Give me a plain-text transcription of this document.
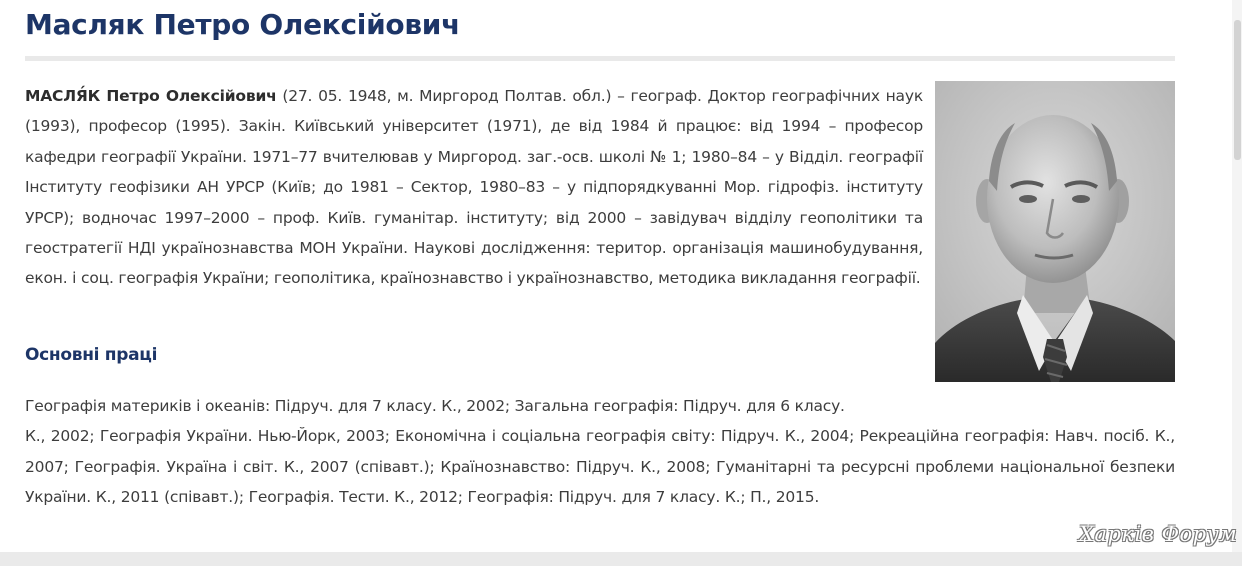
Масляк Петро Олексійович

МАСЛЯ́К Петро Олексійович (27. 05. 1948, м. Миргород Полтав. обл.) – географ. Доктор географічних наук (1993), професор (1995). Закін. Київський університет (1971), де від 1984 й працює: від 1994 – професор кафедри географії України. 1971–77 вчителював у Миргород. заг.-осв. школі № 1; 1980–84 – у Відділ. географії Інституту геофізики АН УРСР (Київ; до 1981 – Сектор, 1980–83 – у підпорядкуванні Мор. гідрофіз. інституту УРСР); водночас 1997–2000 – проф. Київ. гуманітар. інституту; від 2000 – завідувач відділу геополітики та геостратегії НДІ українознавства МОН України. Наукові дослідження: територ. організація машинобудування, екон. і соц. географія України; геополітика, країнознавство і українознавство, методика викладання географії.

Основні праці

Географія материків і океанів: Підруч. для 7 класу. К., 2002; Загальна географія: Підруч. для 6 класу.

К., 2002; Географія України. Нью-Йорк, 2003; Економічна і соціальна географія світу: Підруч. К., 2004; Рекреаційна географія: Навч. посіб. К., 2007; Географія. Україна і світ. К., 2007 (співавт.); Країнознавство: Підруч. К., 2008; Гуманітарні та ресурсні проблеми національної безпеки України. К., 2011 (співавт.); Географія. Тести. К., 2012; Географія: Підруч. для 7 класу. К.; П., 2015.

Харків Форум
